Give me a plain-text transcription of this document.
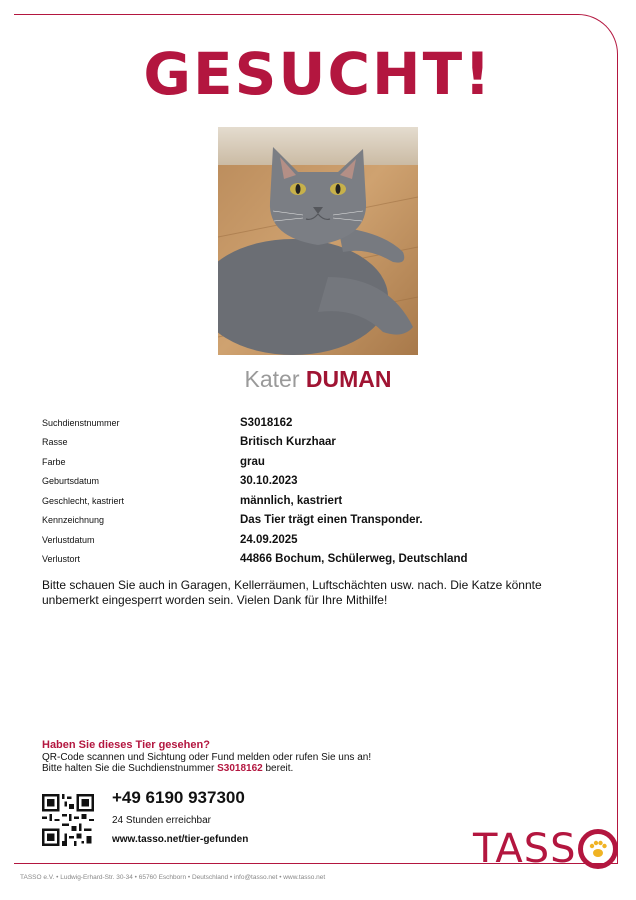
GESUCHT!
Kater DUMAN
Suchdienstnummer	S3018162
Rasse	Britisch Kurzhaar
Farbe	grau
Geburtsdatum	30.10.2023
Geschlecht, kastriert	männlich, kastriert
Kennzeichnung	Das Tier trägt einen Transponder.
Verlustdatum	24.09.2025
Verlustort	44866 Bochum, Schülerweg, Deutschland
Bitte schauen Sie auch in Garagen, Kellerräumen, Luftschächten usw. nach. Die Katze könnte unbemerkt eingesperrt worden sein. Vielen Dank für Ihre Mithilfe!
Haben Sie dieses Tier gesehen?
QR-Code scannen und Sichtung oder Fund melden oder rufen Sie uns an!
Bitte halten Sie die Suchdienstnummer S3018162 bereit.
+49 6190 937300
24 Stunden erreichbar
www.tasso.net/tier-gefunden	TASS
TASSO e.V. • Ludwig-Erhard-Str. 30-34 • 65760 Eschborn • Deutschland • info@tasso.net • www.tasso.net
